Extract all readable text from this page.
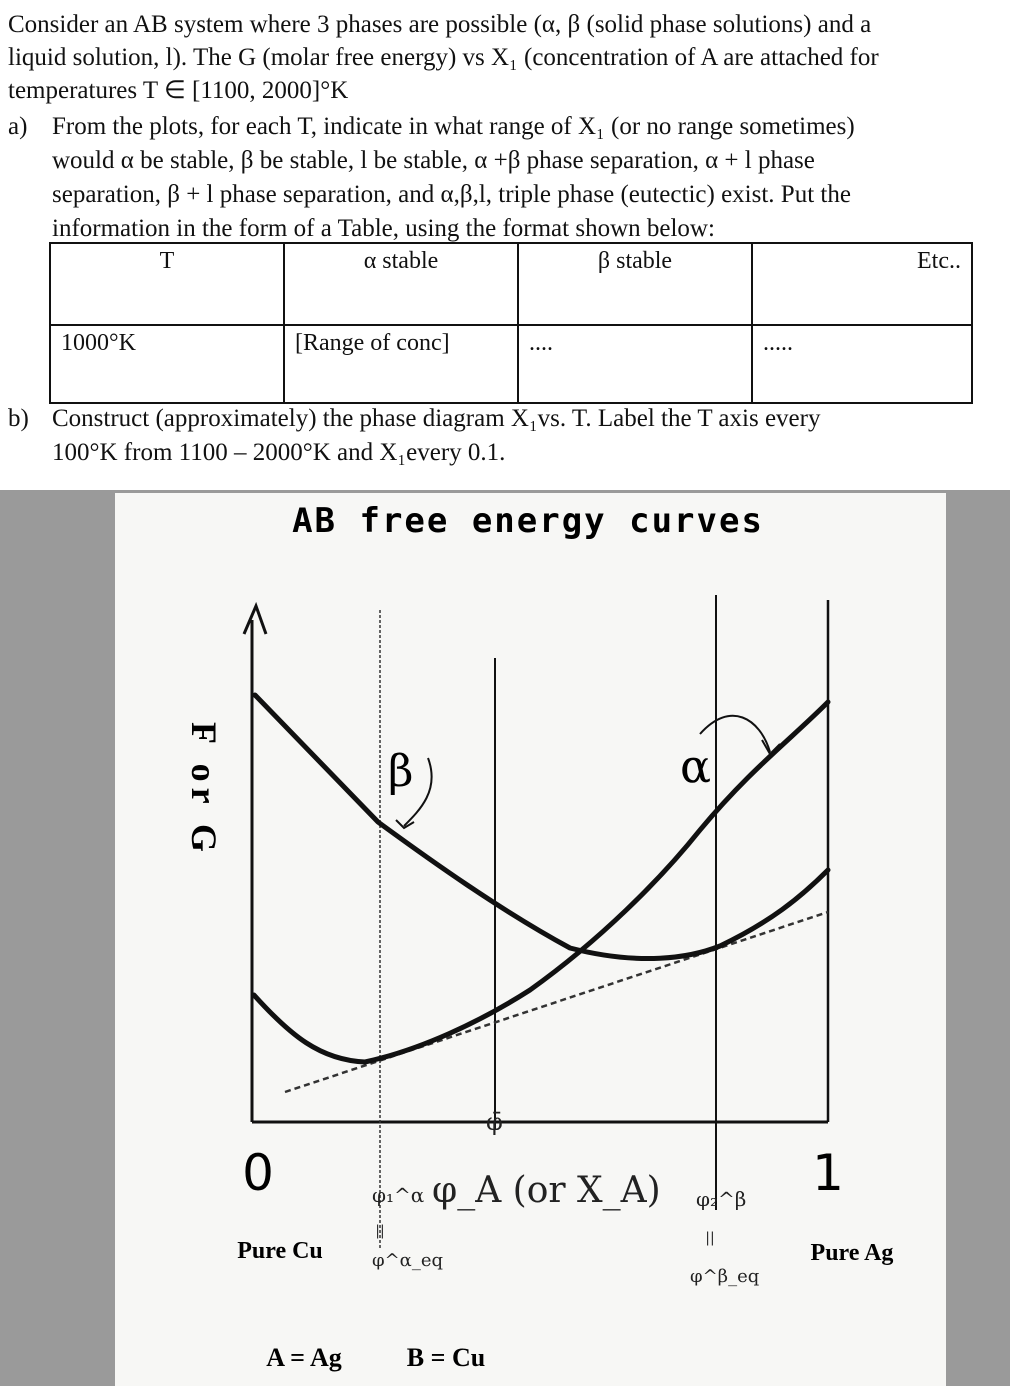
Consider an AB system where 3 phases are possible (α, β (solid phase solutions) and a
liquid solution, l). The G (molar free energy) vs X₁ (concentration of A are attached for
temperatures T ∈ [1100, 2000]°K
a) From the plots, for each T, indicate in what range of X₁ (or no range sometimes)
would α be stable, β be stable, l be stable, α +β phase separation, α + l phase
separation, β + l phase separation, and α,β,l, triple phase (eutectic) exist. Put the
information in the form of a Table, using the format shown below:
T	α stable	β stable	Etc..
1000°K	[Range of conc]	....	.....
b) Construct (approximately) the phase diagram X₁vs. T. Label the T axis every
100°K from 1100 – 2000°K and X₁every 0.1.
AB free energy curves
F or G	β	α
0	1
φ₁^α
||
φ^α_eq
φ̄
φ_A (or X_A) φ₂^β
||
φ^β_eq
Pure Cu	Pure Ag
A = Ag	B = Cu
